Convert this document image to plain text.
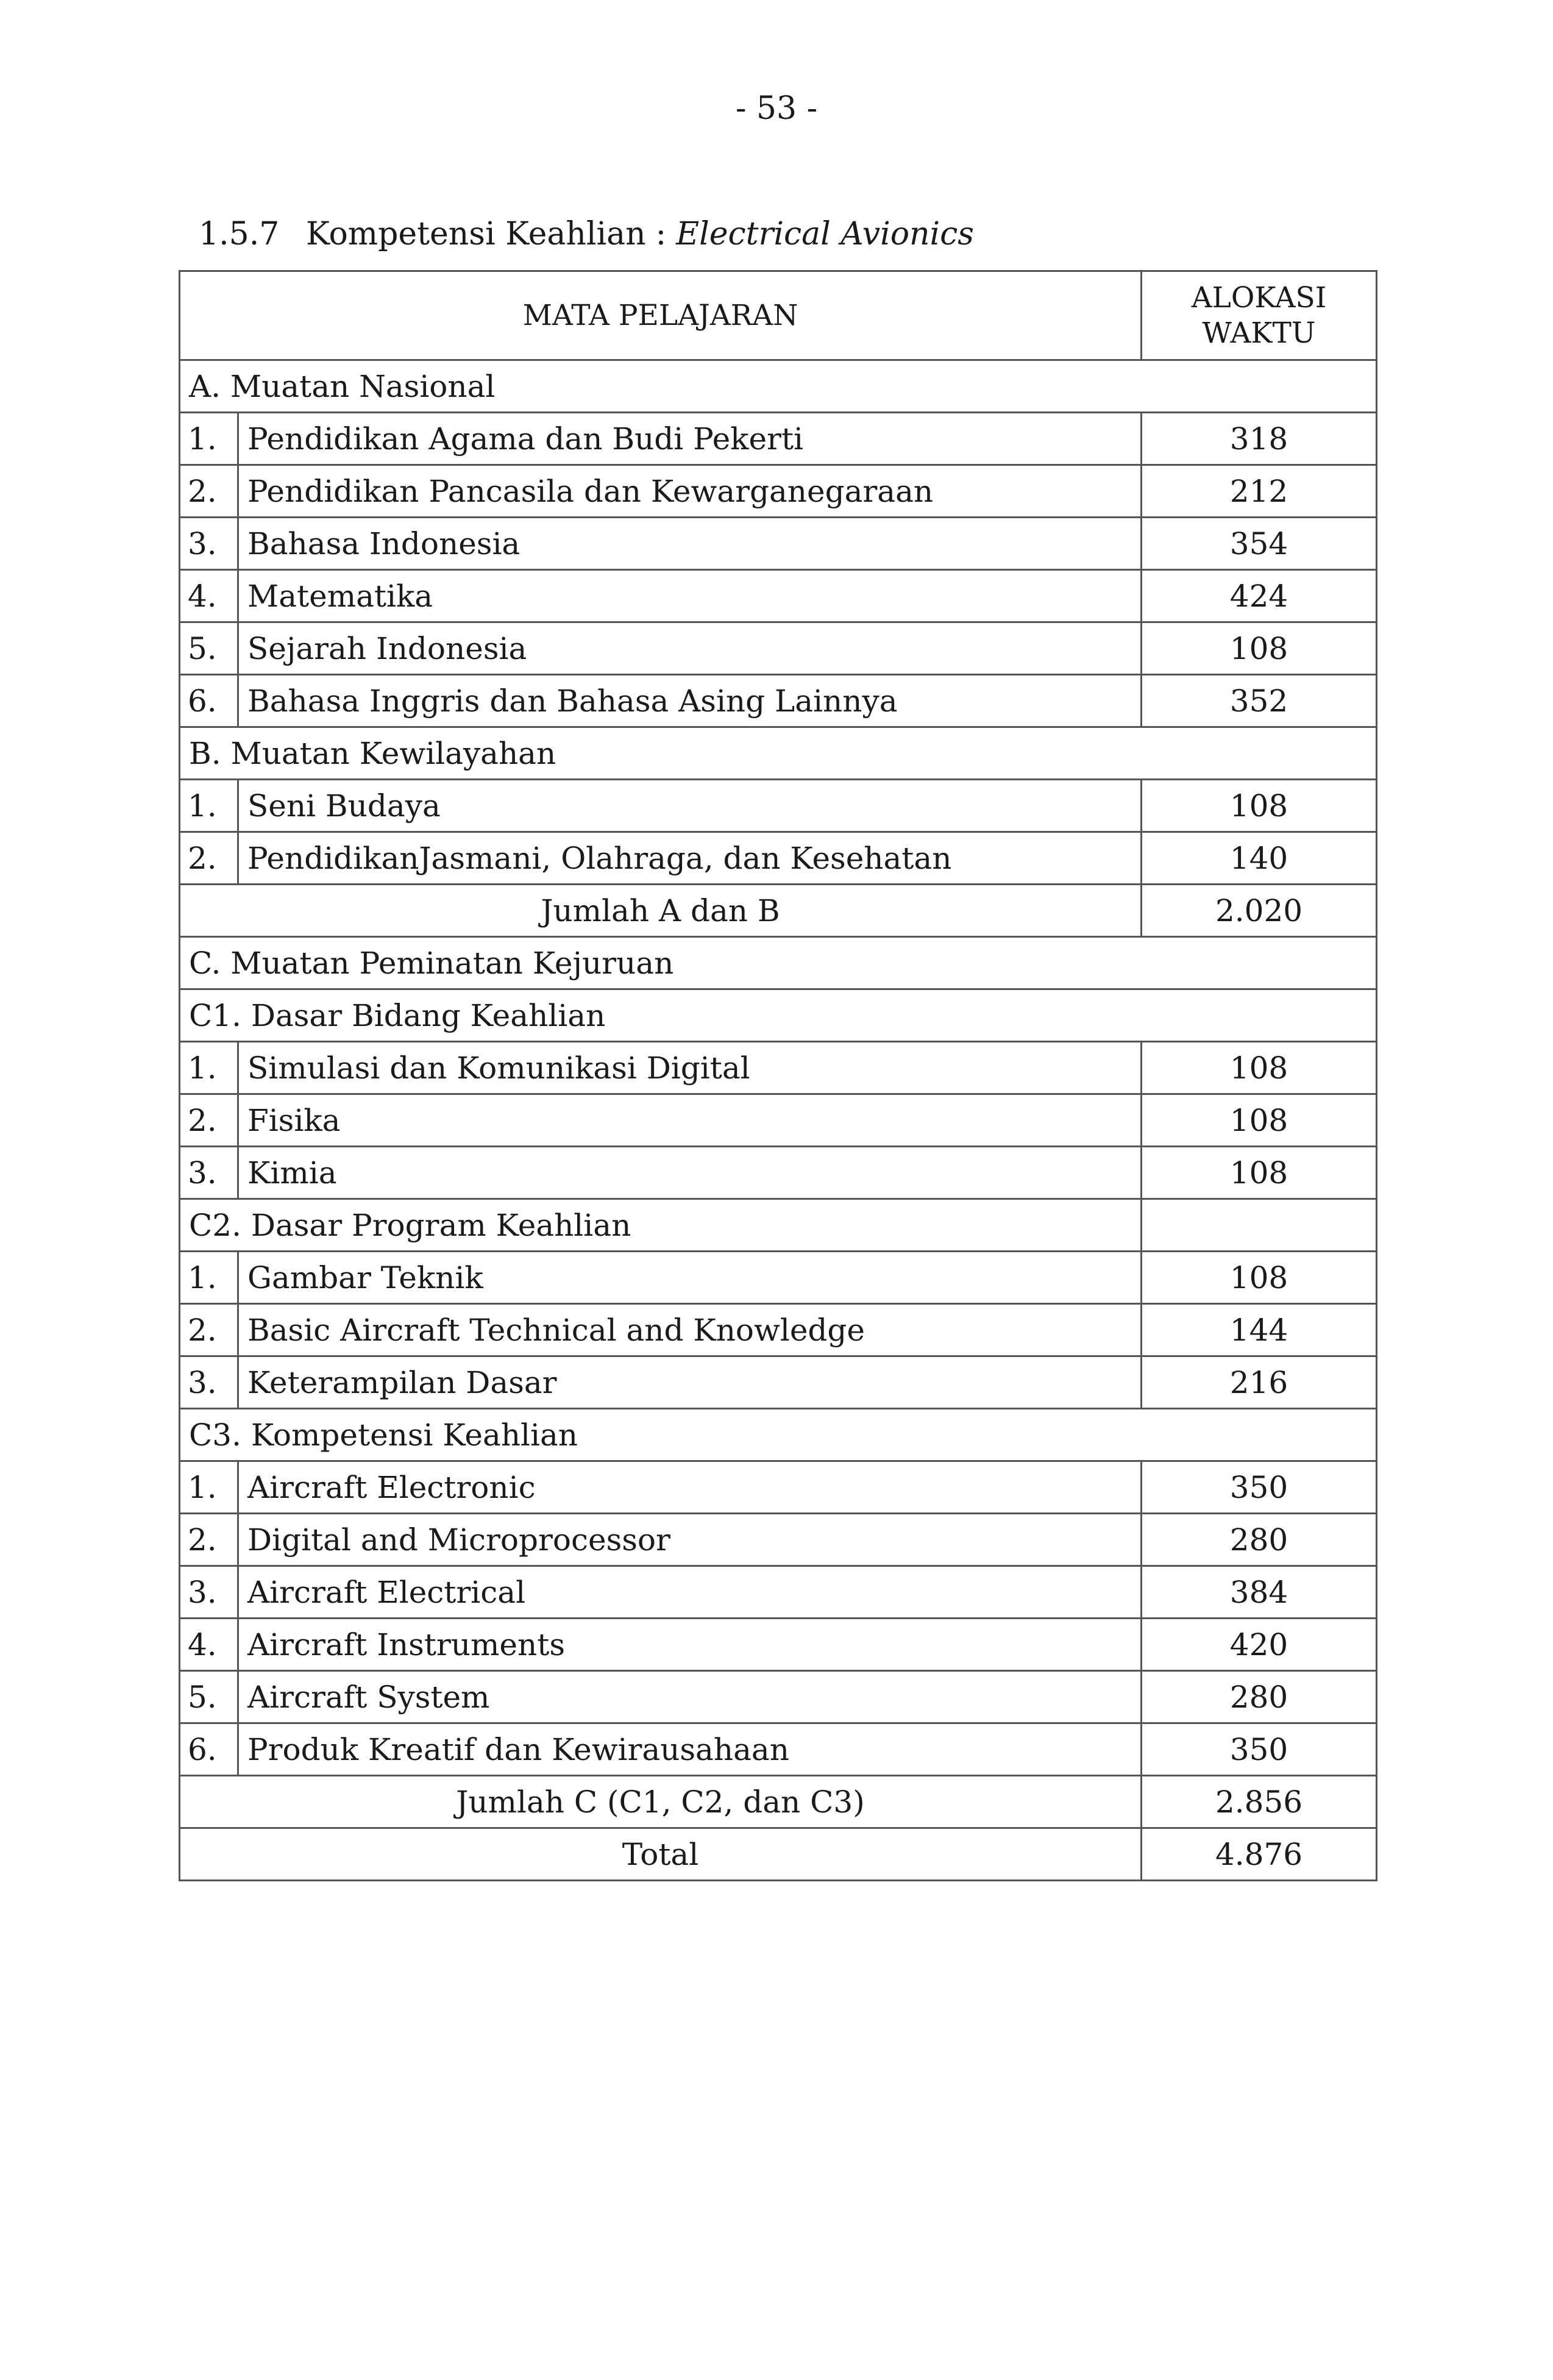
- 53 -
1.5.7 Kompetensi Keahlian : Electrical Avionics
MATA PELAJARAN		ALOKASI
WAKTU
A. Muatan Nasional		
1.	Pendidikan Agama dan Budi Pekerti	318
2.	Pendidikan Pancasila dan Kewarganegaraan	212
3.	Bahasa Indonesia	354
4.	Matematika	424
5.	Sejarah Indonesia	108
6.	Bahasa Inggris dan Bahasa Asing Lainnya	352
B. Muatan Kewilayahan		
1.	Seni Budaya	108
2.	PendidikanJasmani, Olahraga, dan Kesehatan	140
Jumlah A dan B		2.020
C. Muatan Peminatan Kejuruan		
C1. Dasar Bidang Keahlian		
1.	Simulasi dan Komunikasi Digital	108
2.	Fisika	108
3.	Kimia	108
C2. Dasar Program Keahlian		
1.	Gambar Teknik	108
2.	Basic Aircraft Technical and Knowledge	144
3.	Keterampilan Dasar	216
C3. Kompetensi Keahlian		
1.	Aircraft Electronic	350
2.	Digital and Microprocessor	280
3.	Aircraft Electrical	384
4.	Aircraft Instruments	420
5.	Aircraft System	280
6.	Produk Kreatif dan Kewirausahaan	350
Jumlah C (C1, C2, dan C3)		2.856
Total		4.876
